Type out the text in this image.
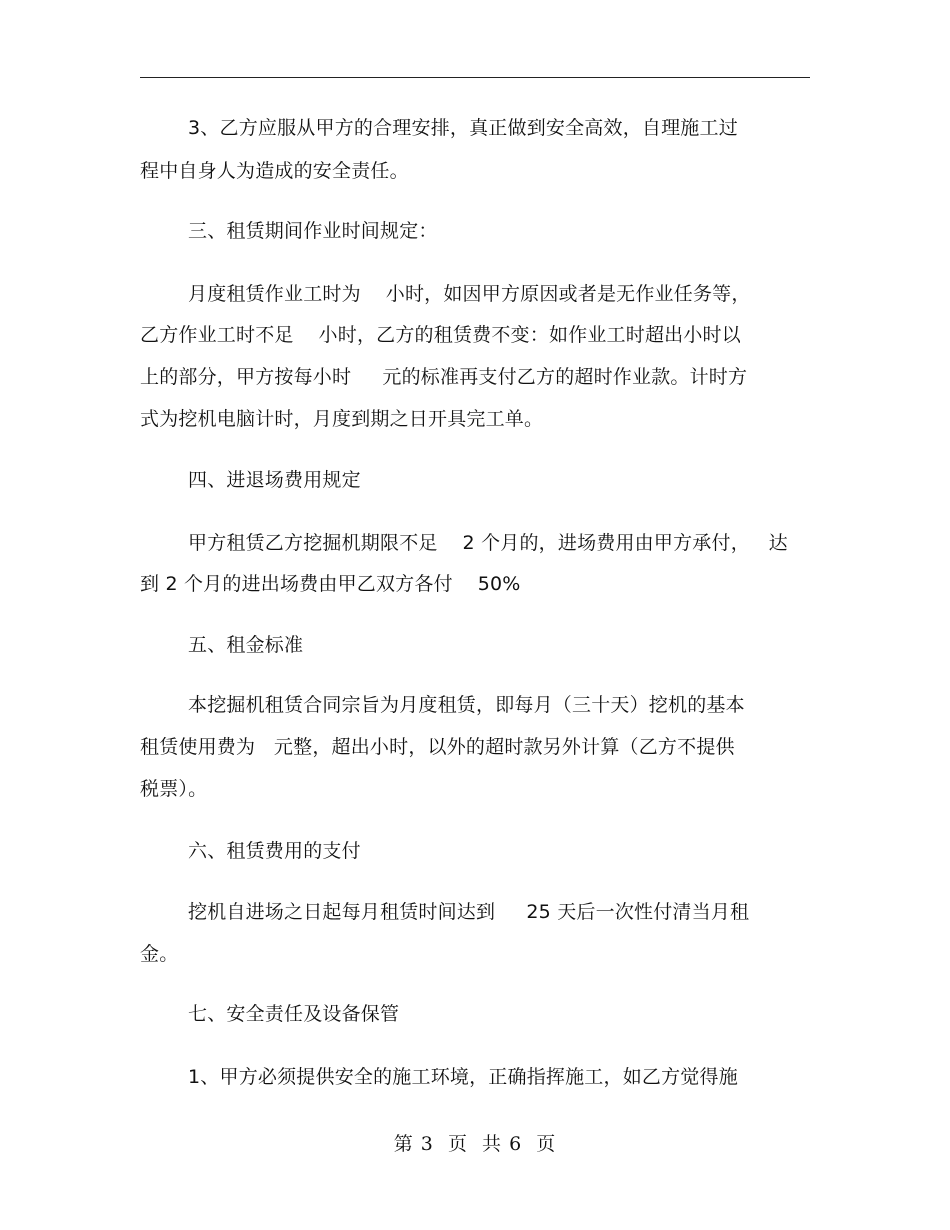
3、乙方应服从甲方的合理安排，真正做到安全高效，自理施工过
程中自身人为造成的安全责任。
三、租赁期间作业时间规定：
月度租赁作业工时为    小时，如因甲方原因或者是无作业任务等，
乙方作业工时不足    小时，乙方的租赁费不变：如作业工时超出小时以
上的部分，甲方按每小时     元的标准再支付乙方的超时作业款。计时方
式为挖机电脑计时，月度到期之日开具完工单。
四、进退场费用规定
甲方租赁乙方挖掘机期限不足    2 个月的，进场费用由甲方承付，   达
到 2 个月的进出场费由甲乙双方各付    50%
五、租金标准
本挖掘机租赁合同宗旨为月度租赁，即每月（三十天）挖机的基本
租赁使用费为   元整，超出小时，以外的超时款另外计算（乙方不提供
税票）。
六、租赁费用的支付
挖机自进场之日起每月租赁时间达到     25 天后一次性付清当月租
金。
七、安全责任及设备保管
1、甲方必须提供安全的施工环境，正确指挥施工，如乙方觉得施
第 3  页  共 6  页
